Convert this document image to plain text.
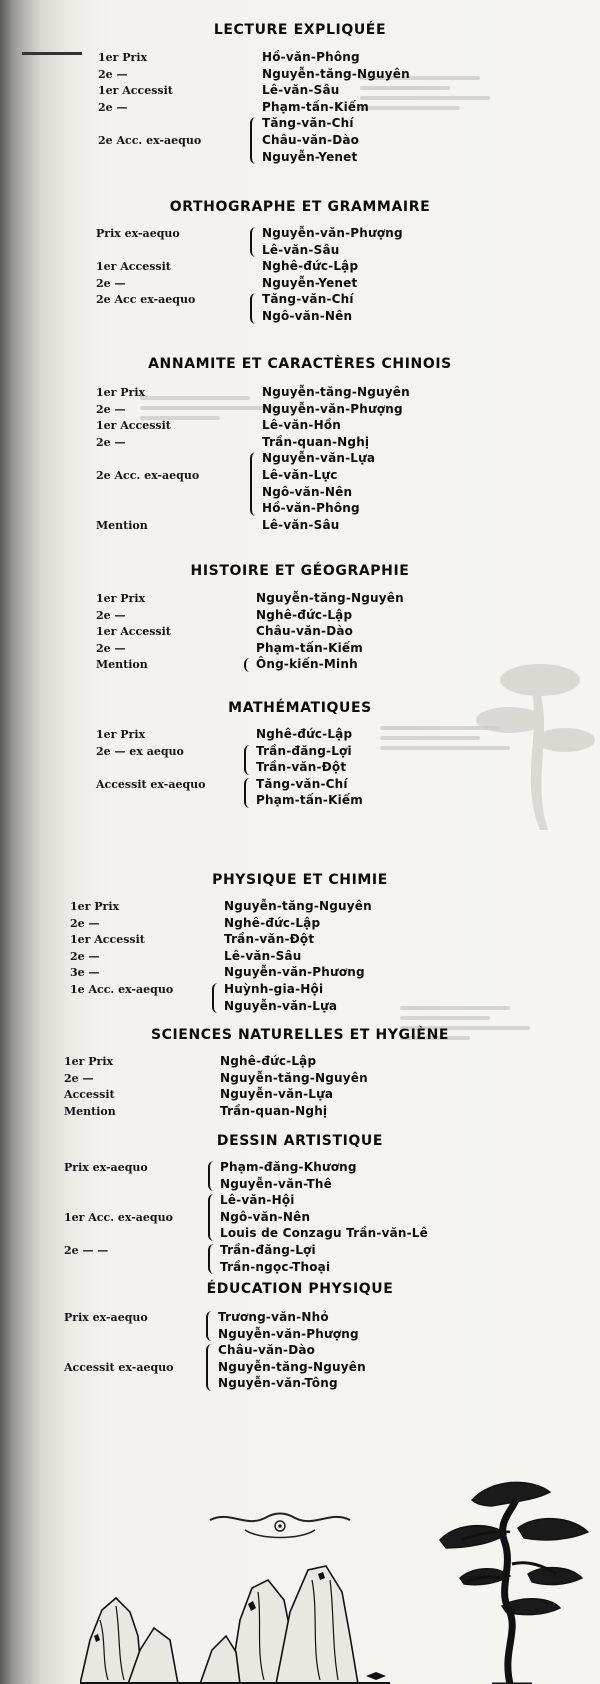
LECTURE EXPLIQUÉE
1er Prix	Hồ-văn-Phông
2e —	Nguyễn-tăng-Nguyên
1er Accessit	Lê-văn-Sâu
2e —	Phạm-tấn-Kiếm
Tăng-văn-Chí
2e Acc. ex-aequo	Châu-văn-Dào
Nguyễn-Yenet
ORTHOGRAPHE ET GRAMMAIRE
Prix ex-aequo	Nguyễn-văn-Phượng
Lê-văn-Sâu
1er Accessit	Nghê-đức-Lập
2e —	Nguyễn-Yenet
2e Acc ex-aequo	Tăng-văn-Chí
Ngô-văn-Nên
ANNAMITE ET CARACTÈRES CHINOIS
1er Prix	Nguyễn-tăng-Nguyên
2e —	Nguyễn-văn-Phượng
1er Accessit	Lê-văn-Hồn
2e —	Trần-quan-Nghị
Nguyễn-văn-Lựa
2e Acc. ex-aequo	Lê-văn-Lực
Ngô-văn-Nên
Hồ-văn-Phông
Mention	Lê-văn-Sâu
HISTOIRE ET GÉOGRAPHIE
1er Prix	Nguyễn-tăng-Nguyên
2e —	Nghê-đức-Lập
1er Accessit	Châu-văn-Dào
2e —	Phạm-tấn-Kiếm
Mention	Ông-kiến-Minh
MATHÉMATIQUES
1er Prix	Nghê-đức-Lập
2e — ex aequo	Trần-đăng-Lợi
Trần-văn-Đột
Accessit ex-aequo	Tăng-văn-Chí
Phạm-tấn-Kiếm
PHYSIQUE ET CHIMIE
1er Prix	Nguyễn-tăng-Nguyên
2e —	Nghê-đức-Lập
1er Accessit	Trần-văn-Đột
2e —	Lê-văn-Sâu
3e —	Nguyễn-văn-Phương
1e Acc. ex-aequo	Huỳnh-gia-Hội
Nguyễn-văn-Lựa
SCIENCES NATURELLES ET HYGIÈNE
1er Prix	Nghê-đức-Lập
2e —	Nguyễn-tăng-Nguyên
Accessit	Nguyễn-văn-Lựa
Mention	Trần-quan-Nghị
DESSIN ARTISTIQUE
Prix ex-aequo	Phạm-đăng-Khương
Nguyễn-văn-Thê
Lê-văn-Hội
1er Acc. ex-aequo	Ngô-văn-Nên
Louis de Conzagu Trần-văn-Lê
2e — —	Trần-đăng-Lợi
Trần-ngọc-Thoại
ÉDUCATION PHYSIQUE
Prix ex-aequo	Trương-văn-Nhỏ
Nguyễn-văn-Phượng
Châu-văn-Dào
Accessit ex-aequo	Nguyễn-tăng-Nguyên
Nguyễn-văn-Tông
